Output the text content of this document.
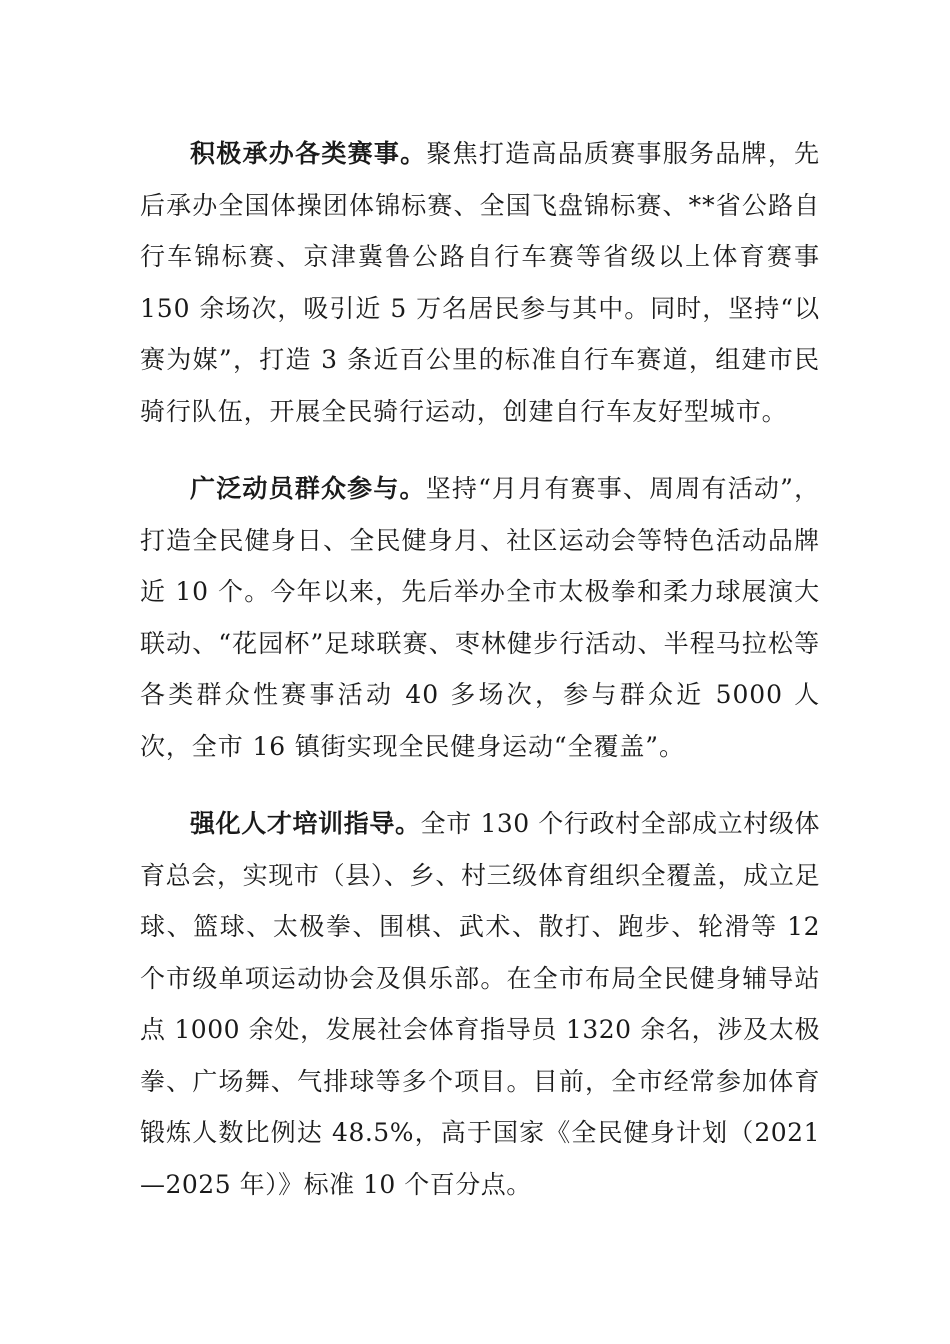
积极承办各类赛事。聚焦打造高品质赛事服务品牌，先后承办全国体操团体锦标赛、全国飞盘锦标赛、**省公路自行车锦标赛、京津冀鲁公路自行车赛等省级以上体育赛事 150 余场次，吸引近 5 万名居民参与其中。同时，坚持“以赛为媒”，打造 3 条近百公里的标准自行车赛道，组建市民骑行队伍，开展全民骑行运动，创建自行车友好型城市。

广泛动员群众参与。坚持“月月有赛事、周周有活动”，打造全民健身日、全民健身月、社区运动会等特色活动品牌近 10 个。今年以来，先后举办全市太极拳和柔力球展演大联动、“花园杯”足球联赛、枣林健步行活动、半程马拉松等各类群众性赛事活动 40 多场次，参与群众近 5000 人次，全市 16 镇街实现全民健身运动“全覆盖”。

强化人才培训指导。全市 130 个行政村全部成立村级体育总会，实现市（县）、乡、村三级体育组织全覆盖，成立足球、篮球、太极拳、围棋、武术、散打、跑步、轮滑等 12 个市级单项运动协会及俱乐部。在全市布局全民健身辅导站点 1000 余处，发展社会体育指导员 1320 余名，涉及太极拳、广场舞、气排球等多个项目。目前，全市经常参加体育锻炼人数比例达 48.5%，高于国家《全民健身计划（2021—2025 年）》标准 10 个百分点。
